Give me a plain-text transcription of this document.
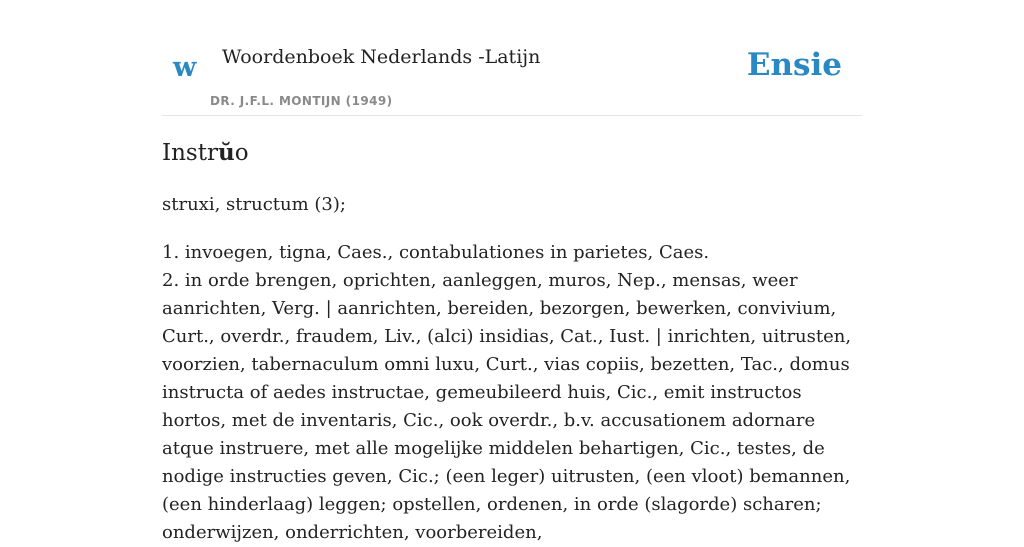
w Woordenboek Nederlands -Latijn
DR. J.F.L. MONTIJN (1949)
Ensie
Instrŭo
struxi, structum (3);

1. invoegen, tigna, Caes., contabulationes in parietes, Caes.

2. in orde brengen, oprichten, aanleggen, muros, Nep., mensas, weer aanrichten, Verg. | aanrichten, bereiden, bezorgen, bewerken, convivium, Curt., overdr., fraudem, Liv., (alci) insidias, Cat., Iust. | inrichten, uitrusten, voorzien, tabernaculum omni luxu, Curt., vias copiis, bezetten, Tac., domus instructa of aedes instructae, gemeubileerd huis, Cic., emit instructos hortos, met de inventaris, Cic., ook overdr., b.v. accusationem adornare atque instruere, met alle mogelijke middelen behartigen, Cic., testes, de nodige instructies geven, Cic.; (een leger) uitrusten, (een vloot) bemannen, (een hinderlaag) leggen; opstellen, ordenen, in orde (slagorde) scharen; onderwijzen, onderrichten, voorbereiden,
